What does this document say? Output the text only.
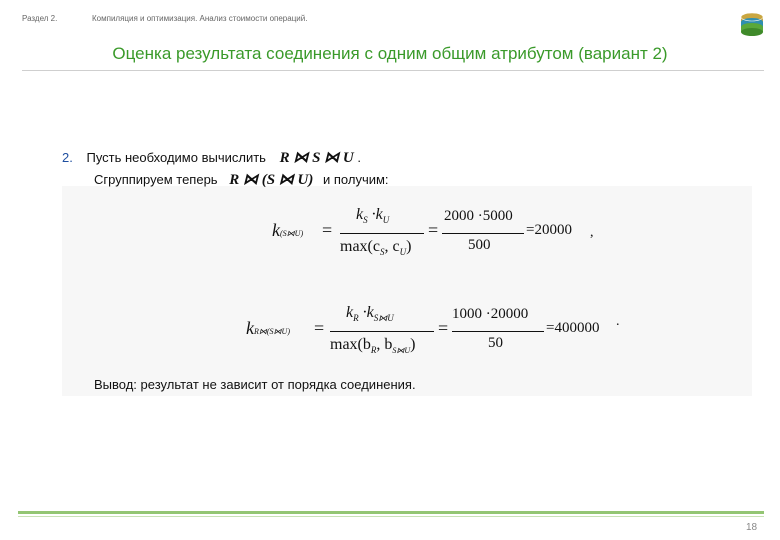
Раздел 2.	Компиляция и оптимизация. Анализ стоимости операций.
Оценка результата соединения с одним общим атрибутом (вариант 2)
2. Пусть необходимо вычислить R ⋈ S ⋈ U .
Сгруппируем теперь R ⋈ (S ⋈ U) и получим:
k(S⋈U) =
$k_S \cdot k_U$
$\max(c_S$, $c_U$)
=
2000 ·5000
500
=20000 ,
kR⋈(S⋈U) =
$k_R \cdot k_{S⋈U}$
$\max(b_R$, $b_{S⋈U}$)
=
1000 ·20000
50
=400000 .
Вывод: результат не зависит от порядка соединения.
18
